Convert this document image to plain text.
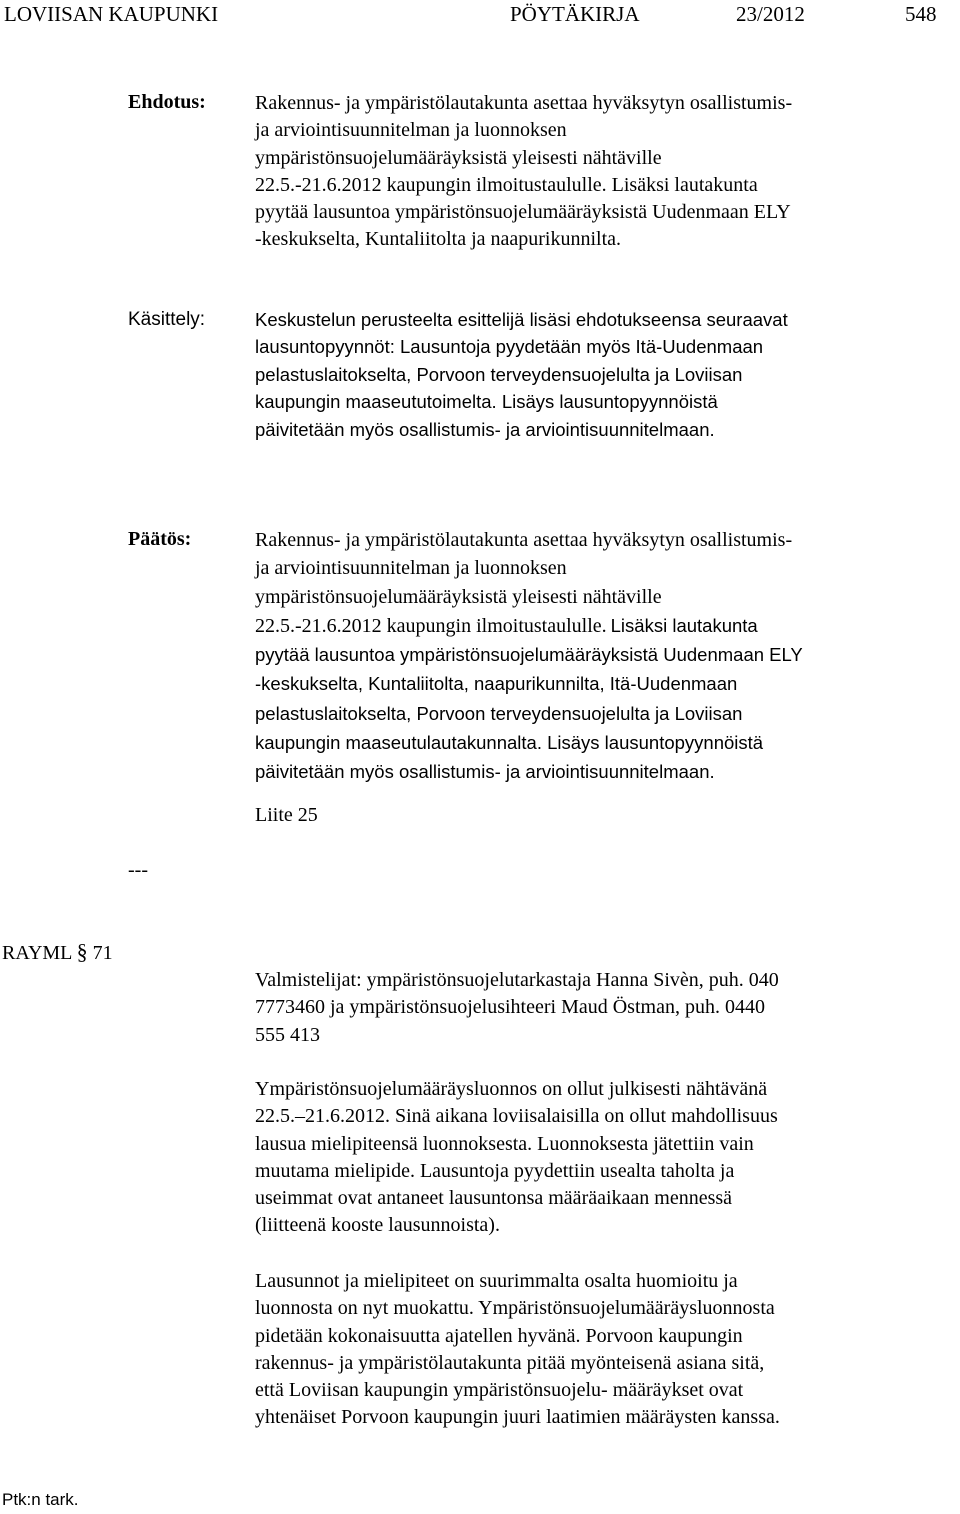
LOVIISAN KAUPUNKI	PÖYTÄKIRJA	23/2012	548
Ehdotus: Rakennus- ja ympäristölautakunta asettaa hyväksytyn osallistumis-
ja arviointisuunnitelman ja luonnoksen
ympäristönsuojelumääräyksistä yleisesti nähtäville
22.5.-21.6.2012 kaupungin ilmoitustaululle. Lisäksi lautakunta
pyytää lausuntoa ympäristönsuojelumääräyksistä Uudenmaan ELY
-keskukselta, Kuntaliitolta ja naapurikunnilta.

Käsittely:	Keskustelun perusteelta esittelijä lisäsi ehdotukseensa seuraavat
lausuntopyynnöt: Lausuntoja pyydetään myös Itä-Uudenmaan
pelastuslaitokselta, Porvoon terveydensuojelulta ja Loviisan
kaupungin maaseututoimelta. Lisäys lausuntopyynnöistä
päivitetään myös osallistumis- ja arviointisuunnitelmaan.

Päätös:	Rakennus- ja ympäristölautakunta asettaa hyväksytyn osallistumis-
ja arviointisuunnitelman ja luonnoksen
ympäristönsuojelumääräyksistä yleisesti nähtäville
22.5.-21.6.2012 kaupungin ilmoitustaululle. Lisäksi lautakunta
pyytää lausuntoa ympäristönsuojelumääräyksistä Uudenmaan ELY
-keskukselta, Kuntaliitolta, naapurikunnilta, Itä-Uudenmaan
pelastuslaitokselta, Porvoon terveydensuojelulta ja Loviisan
kaupungin maaseutulautakunnalta. Lisäys lausuntopyynnöistä
päivitetään myös osallistumis- ja arviointisuunnitelmaan.

Liite 25
---
RAYML § 71

Valmistelijat: ympäristönsuojelutarkastaja Hanna Sivèn, puh. 040
7773460 ja ympäristönsuojelusihteeri Maud Östman, puh. 0440
555 413

Ympäristönsuojelumääräysluonnos on ollut julkisesti nähtävänä
22.5.–21.6.2012. Sinä aikana loviisalaisilla on ollut mahdollisuus
lausua mielipiteensä luonnoksesta. Luonnoksesta jätettiin vain
muutama mielipide. Lausuntoja pyydettiin usealta taholta ja
useimmat ovat antaneet lausuntonsa määräaikaan mennessä
(liitteenä kooste lausunnoista).

Lausunnot ja mielipiteet on suurimmalta osalta huomioitu ja
luonnosta on nyt muokattu. Ympäristönsuojelumääräysluonnosta
pidetään kokonaisuutta ajatellen hyvänä. Porvoon kaupungin
rakennus- ja ympäristölautakunta pitää myönteisenä asiana sitä,
että Loviisan kaupungin ympäristönsuojelu- määräykset ovat
yhtenäiset Porvoon kaupungin juuri laatimien määräysten kanssa.

Ptk:n tark.
